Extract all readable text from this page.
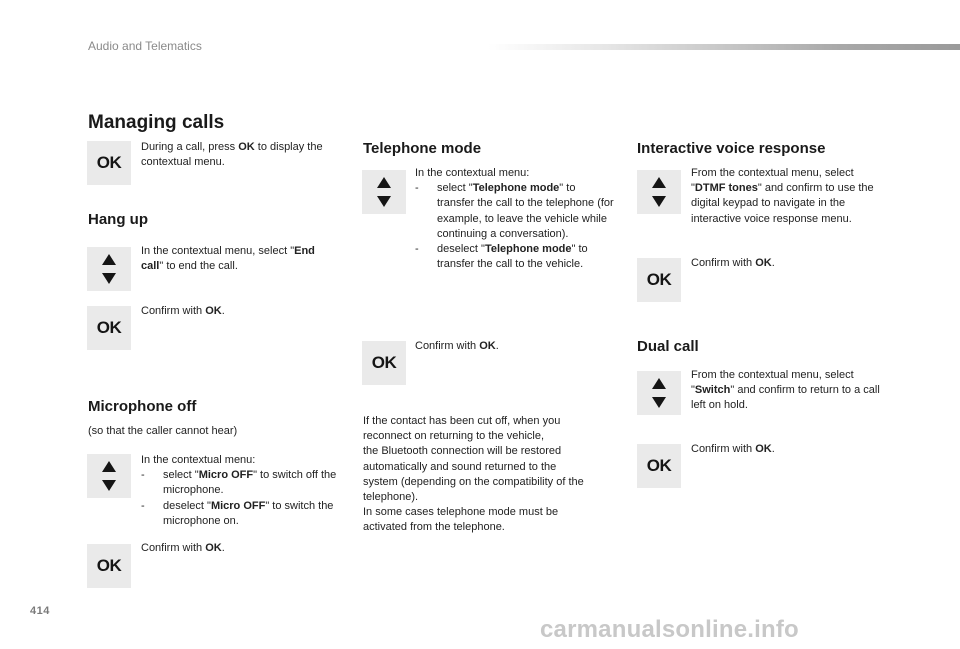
Audio and Telematics
Managing calls
OK
During a call, press OK to display the contextual menu.
Hang up
In the contextual menu, select "End call" to end the call.
OK
Confirm with OK.
Microphone off
(so that the caller cannot hear)
In the contextual menu:
- select "Micro OFF" to switch off the microphone.
- deselect "Micro OFF" to switch the microphone on.
OK
Confirm with OK.
Telephone mode
In the contextual menu:
- select "Telephone mode" to transfer the call to the telephone (for example, to leave the vehicle while continuing a conversation).
- deselect "Telephone mode" to transfer the call to the vehicle.
OK
Confirm with OK.
If the contact has been cut off, when you
reconnect on returning to the vehicle,
the Bluetooth connection will be restored
automatically and sound returned to the
system (depending on the compatibility of the
telephone).
In some cases telephone mode must be
activated from the telephone.
Interactive voice response
From the contextual menu, select "DTMF tones" and confirm to use the digital keypad to navigate in the interactive voice response menu.
OK
Confirm with OK.
Dual call
From the contextual menu, select "Switch" and confirm to return to a call left on hold.
OK
Confirm with OK.
414
carmanualsonline.info
